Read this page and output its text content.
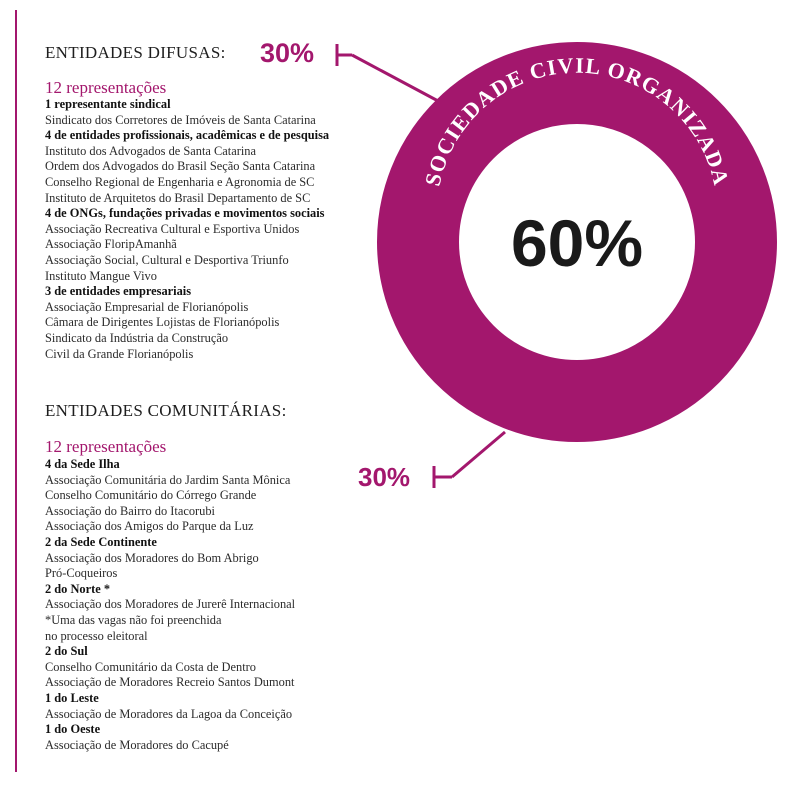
SOCIEDADE CIVIL ORGANIZADA
60%
ENTIDADES DIFUSAS: 30%
12 representações
1 representante sindical
Sindicato dos Corretores de Imóveis de Santa Catarina
4 de entidades profissionais, acadêmicas e de pesquisa
Instituto dos Advogados de Santa Catarina
Ordem dos Advogados do Brasil Seção Santa Catarina
Conselho Regional de Engenharia e Agronomia de SC
Instituto de Arquitetos do Brasil Departamento de SC
4 de ONGs, fundações privadas e movimentos sociais
Associação Recreativa Cultural e Esportiva Unidos
Associação FloripAmanhã
Associação Social, Cultural e Desportiva Triunfo
Instituto Mangue Vivo
3 de entidades empresariais
Associação Empresarial de Florianópolis
Câmara de Dirigentes Lojistas de Florianópolis
Sindicato da Indústria da Construção
Civil da Grande Florianópolis
ENTIDADES COMUNITÁRIAS:
30%
12 representações
4 da Sede Ilha
Associação Comunitária do Jardim Santa Mônica
Conselho Comunitário do Córrego Grande
Associação do Bairro do Itacorubi
Associação dos Amigos do Parque da Luz
2 da Sede Continente
Associação dos Moradores do Bom Abrigo
Pró-Coqueiros
2 do Norte *
Associação dos Moradores de Jurerê Internacional
*Uma das vagas não foi preenchida
no processo eleitoral
2 do Sul
Conselho Comunitário da Costa de Dentro
Associação de Moradores Recreio Santos Dumont
1 do Leste
Associação de Moradores da Lagoa da Conceição
1 do Oeste
Associação de Moradores do Cacupé
